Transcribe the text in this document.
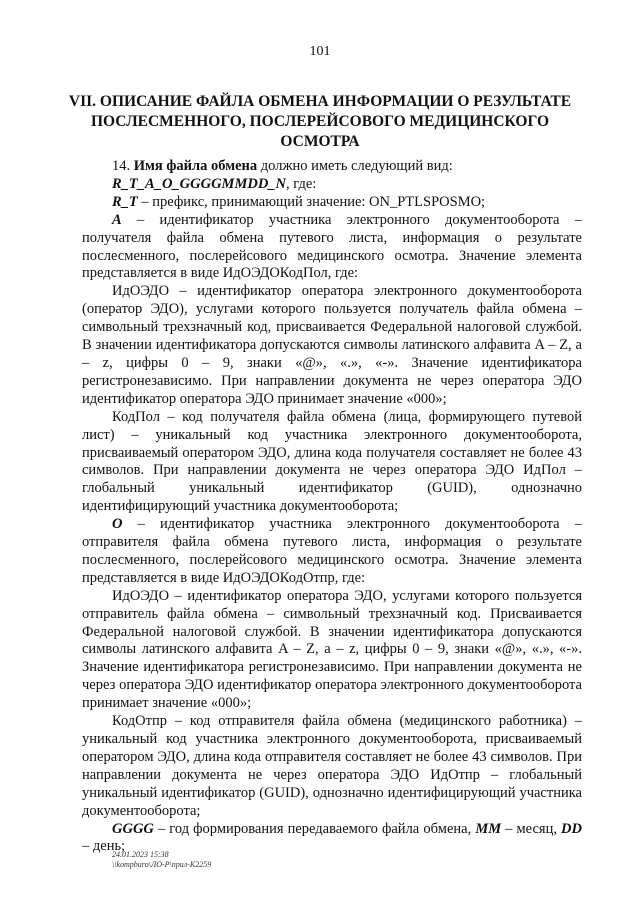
101
VII. ОПИСАНИЕ ФАЙЛА ОБМЕНА ИНФОРМАЦИИ О РЕЗУЛЬТАТЕ
ПОСЛЕСМЕННОГО, ПОСЛЕРЕЙСОВОГО МЕДИЦИНСКОГО
ОСМОТРА

14. Имя файла обмена должно иметь следующий вид:

R_T_A_O_GGGGMMDD_N, где:

R_T – префикс, принимающий значение: ON_PTLSPOSMO;

A – идентификатор участника электронного документооборота – получателя файла обмена путевого листа, информация о результате послесменного, послерейсового медицинского осмотра. Значение элемента представляется в виде ИдОЭДОКодПол, где:

ИдОЭДО – идентификатор оператора электронного документооборота (оператор ЭДО), услугами которого пользуется получатель файла обмена – символьный трехзначный код, присваивается Федеральной налоговой службой. В значении идентификатора допускаются символы латинского алфавита A – Z, a – z, цифры 0 – 9, знаки «@», «.», «-». Значение идентификатора регистронезависимо. При направлении документа не через оператора ЭДО идентификатор оператора ЭДО принимает значение «000»;

КодПол – код получателя файла обмена (лица, формирующего путевой лист) – уникальный код участника электронного документооборота, присваиваемый оператором ЭДО, длина кода получателя составляет не более 43 символов. При направлении документа не через оператора ЭДО ИдПол – глобальный уникальный идентификатор (GUID), однозначно идентифицирующий участника документооборота;

O – идентификатор участника электронного документооборота – отправителя файла обмена путевого листа, информация о результате послесменного, послерейсового медицинского осмотра. Значение элемента представляется в виде ИдОЭДОКодОтпр, где:

ИдОЭДО – идентификатор оператора ЭДО, услугами которого пользуется отправитель файла обмена – символьный трехзначный код. Присваивается Федеральной налоговой службой. В значении идентификатора допускаются символы латинского алфавита A – Z, a – z, цифры 0 – 9, знаки «@», «.», «-». Значение идентификатора регистронезависимо. При направлении документа не через оператора ЭДО идентификатор оператора электронного документооборота принимает значение «000»;

КодОтпр – код отправителя файла обмена (медицинского работника) – уникальный код участника электронного документооборота, присваиваемый оператором ЭДО, длина кода отправителя составляет не более 43 символов. При направлении документа не через оператора ЭДО ИдОтпр – глобальный уникальный идентификатор (GUID), однозначно идентифицирующий участника документооборота;

GGGG – год формирования передаваемого файла обмена, MM – месяц, DD – день;

24.01.2023 15:38
\\kompburo\ЛО-Р\прил-К2259
